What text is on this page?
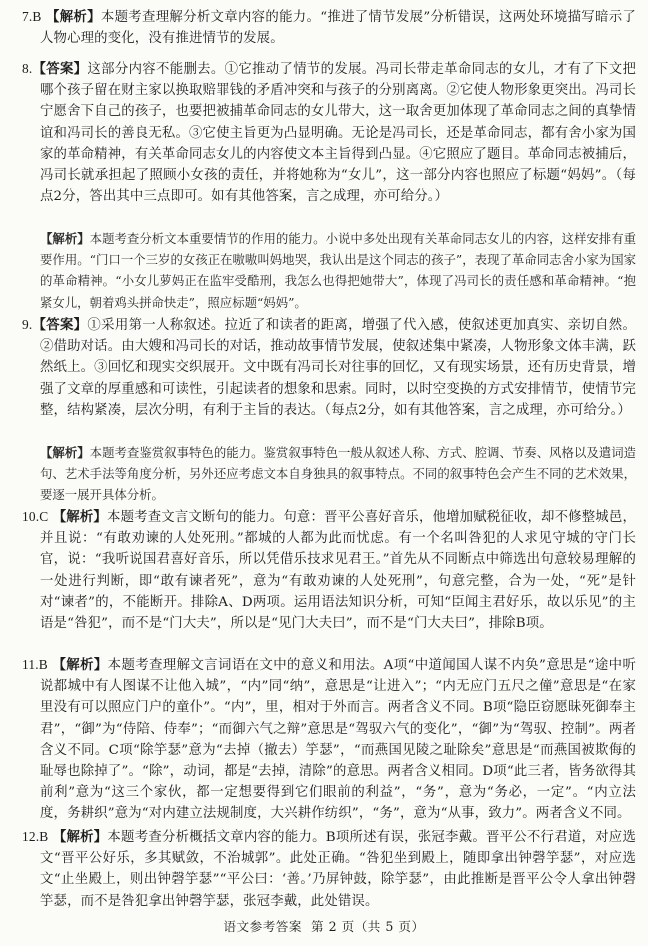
7.B 【解析】本题考查理解分析文章内容的能力。“推进了情节发展”分析错误，这两处环境描写暗示了人物心理的变化，没有推进情节的发展。
8.【答案】这部分内容不能删去。①它推动了情节的发展。冯司长带走革命同志的女儿，才有了下文把哪个孩子留在财主家以换取赔罪钱的矛盾冲突和与孩子的分别离离。②它使人物形象更突出。冯司长宁愿舍下自己的孩子，也要把被捕革命同志的女儿带大，这一取舍更加体现了革命同志之间的真挚情谊和冯司长的善良无私。③它使主旨更为凸显明确。无论是冯司长，还是革命同志，都有舍小家为国家的革命精神，有关革命同志女儿的内容使文本主旨得到凸显。④它照应了题目。革命同志被捕后，冯司长就承担起了照顾小女孩的责任，并将她称为“女儿”，这一部分内容也照应了标题“妈妈”。（每点2分，答出其中三点即可。如有其他答案，言之成理，亦可给分。）
【解析】本题考查分析文本重要情节的作用的能力。小说中多处出现有关革命同志女儿的内容，这样安排有重要作用。“门口一个三岁的女孩正在嗷嗷叫妈地哭，我认出是这个同志的孩子”，表现了革命同志舍小家为国家的革命精神。“小女儿萝妈正在监牢受酷刑，我怎么也得把她带大”，体现了冯司长的责任感和革命精神。“抱紧女儿，朝着鸡头拼命快走”，照应标题“妈妈”。
9.【答案】①采用第一人称叙述。拉近了和读者的距离，增强了代入感，使叙述更加真实、亲切自然。②借助对话。由大嫂和冯司长的对话，推动故事情节发展，使叙述集中紧凑，人物形象文体丰满，跃然纸上。③回忆和现实交织展开。文中既有冯司长对往事的回忆，又有现实场景，还有历史背景，增强了文章的厚重感和可读性，引起读者的想象和思索。同时，以时空变换的方式安排情节，使情节完整，结构紧凑，层次分明，有利于主旨的表达。（每点2分，如有其他答案，言之成理，亦可给分。）
【解析】本题考查鉴赏叙事特色的能力。鉴赏叙事特色一般从叙述人称、方式、腔调、节奏、风格以及遣词造句、艺术手法等角度分析，另外还应考虑文本自身独具的叙事特点。不同的叙事特色会产生不同的艺术效果，要逐一展开具体分析。
10.C 【解析】本题考查文言文断句的能力。句意：晋平公喜好音乐，他增加赋税征收，却不修整城邑，并且说：“有敢劝谏的人处死刑。”都城的人都为此而忧虑。有一个名叫咎犯的人求见守城的守门长官，说：“我听说国君喜好音乐，所以凭借乐技求见君王。”首先从不同断点中筛选出句意较易理解的一处进行判断，即“敢有谏者死”，意为“有敢劝谏的人处死刑”，句意完整，合为一处，“死”是针对“谏者”的，不能断开。排除A、D两项。运用语法知识分析，可知“臣闻主君好乐，故以乐见”的主语是“咎犯”，而不是“门大夫”，所以是“见门大夫曰”，而不是“门大夫曰”，排除B项。
11.B 【解析】本题考查理解文言词语在文中的意义和用法。A项“中道闻国人谋不内奂”意思是“途中听说都城中有人图谋不让他入城”，“内”同“纳”，意思是“让进入”；“内无应门五尺之僮”意思是“在家里没有可以照应门户的童仆”。“内”，里，相对于外而言。两者含义不同。B项“隐臣窃愿昧死御奉主君”，“御”为“侍陪、侍奉”；“而御六气之辩”意思是“驾驭六气的变化”，“御”为“驾驭、控制”。两者含义不同。C项“除竽瑟”意为“去掉（撤去）竽瑟”，“而燕国见陵之耻除矣”意思是“而燕国被欺侮的耻辱也除掉了”。“除”，动词，都是“去掉，清除”的意思。两者含义相同。D项“此三者，皆务欲得其前利”意为“这三个家伙，都一定想要得到它们眼前的利益”，“务”，意为“务必，一定”。“内立法度，务耕织”意为“对内建立法规制度，大兴耕作纺织”，“务”，意为“从事，致力”。两者含义不同。
12.B 【解析】本题考查分析概括文章内容的能力。B项所述有误，张冠李戴。晋平公不行君道，对应选文“晋平公好乐，多其赋敛，不治城郭”。此处正确。“咎犯坐到殿上，随即拿出钟磬竽瑟”，对应选文“止坐殿上，则出钟磬竽瑟”“平公曰：‘善。’乃屏钟鼓，除竽瑟”，由此推断是晋平公令人拿出钟磬竽瑟，而不是咎犯拿出钟磬竽瑟，张冠李戴，此处错误。
语文参考答案 第 2 页（共 5 页）
